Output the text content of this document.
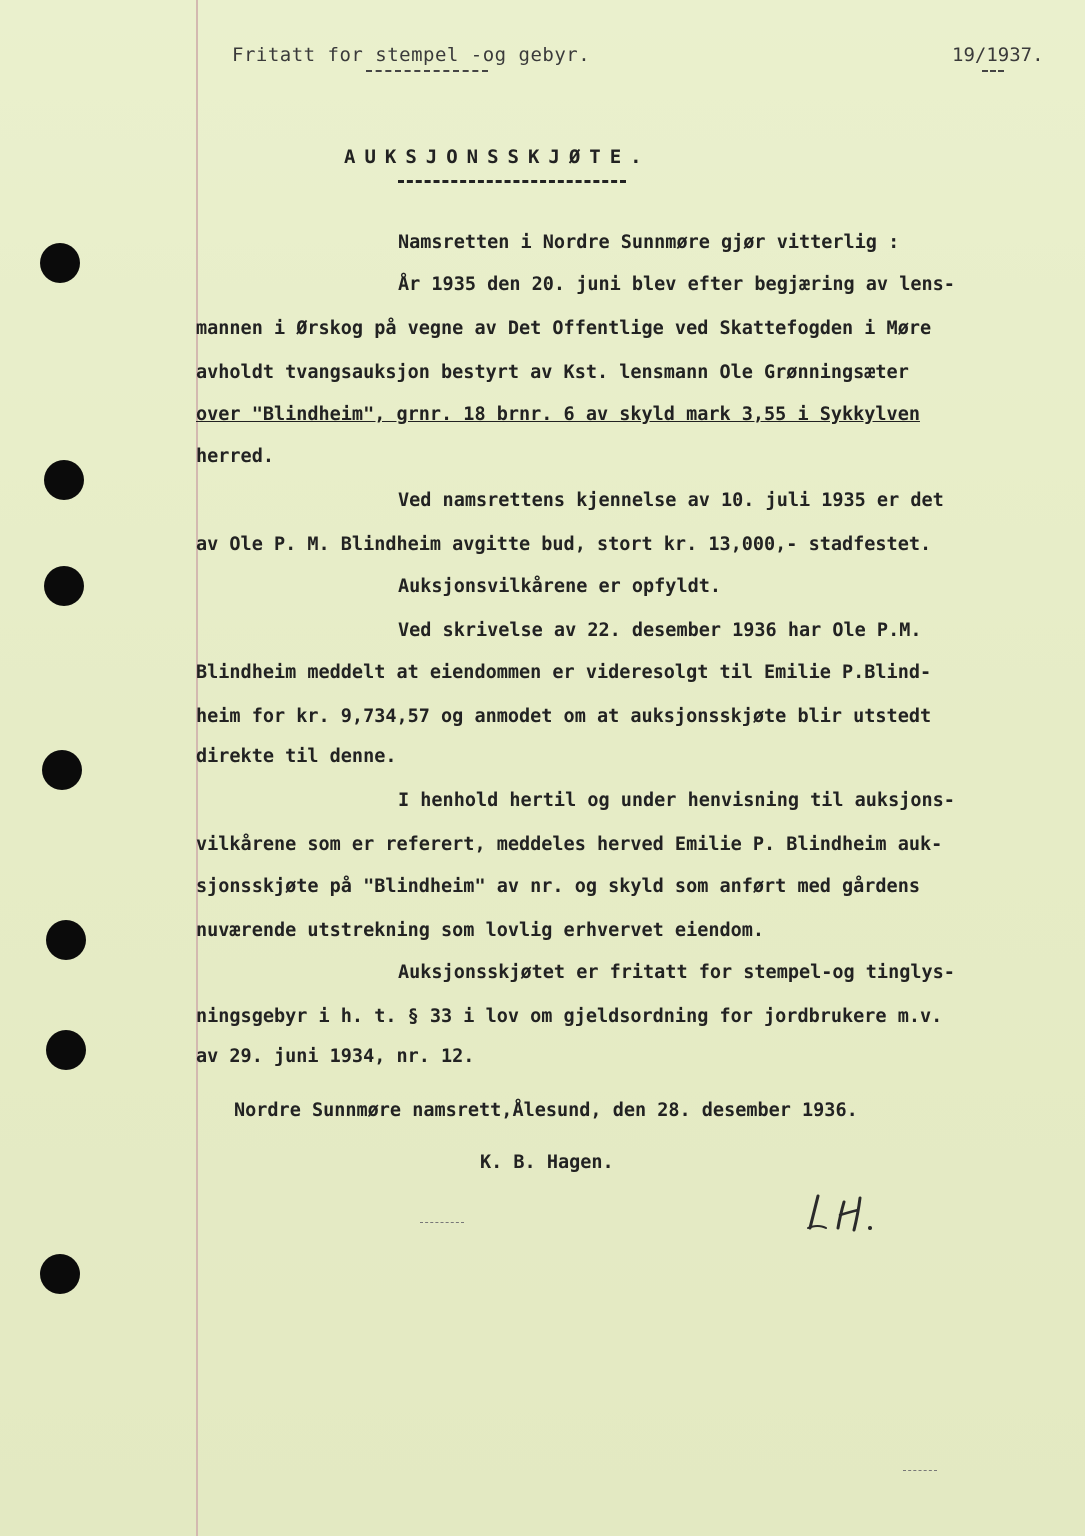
Fritatt for stempel -og gebyr.	19/1937.
AUKSJONSSKJØTE.
Namsretten i Nordre Sunnmøre gjør vitterlig :
År 1935 den 20. juni blev efter begjæring av lens-
mannen i Ørskog på vegne av Det Offentlige ved Skattefogden i Møre
avholdt tvangsauksjon bestyrt av Kst. lensmann Ole Grønningsæter
over "Blindheim", grnr. 18 brnr. 6 av skyld mark 3,55 i Sykkylven
herred.
Ved namsrettens kjennelse av 10. juli 1935 er det
av Ole P. M. Blindheim avgitte bud, stort kr. 13,000,- stadfestet.
Auksjonsvilkårene er opfyldt.
Ved skrivelse av 22. desember 1936 har Ole P.M.
Blindheim meddelt at eiendommen er videresolgt til Emilie P.Blind-
heim for kr. 9,734,57 og anmodet om at auksjonsskjøte blir utstedt
direkte til denne.
I henhold hertil og under henvisning til auksjons-
vilkårene som er referert, meddeles herved Emilie P. Blindheim auk-
sjonsskjøte på "Blindheim" av nr. og skyld som anført med gårdens
nuværende utstrekning som lovlig erhvervet eiendom.
Auksjonsskjøtet er fritatt for stempel-og tinglys-
ningsgebyr i h. t. § 33 i lov om gjeldsordning for jordbrukere m.v.
av 29. juni 1934, nr. 12.
Nordre Sunnmøre namsrett,Ålesund, den 28. desember 1936.
K. B. Hagen.
